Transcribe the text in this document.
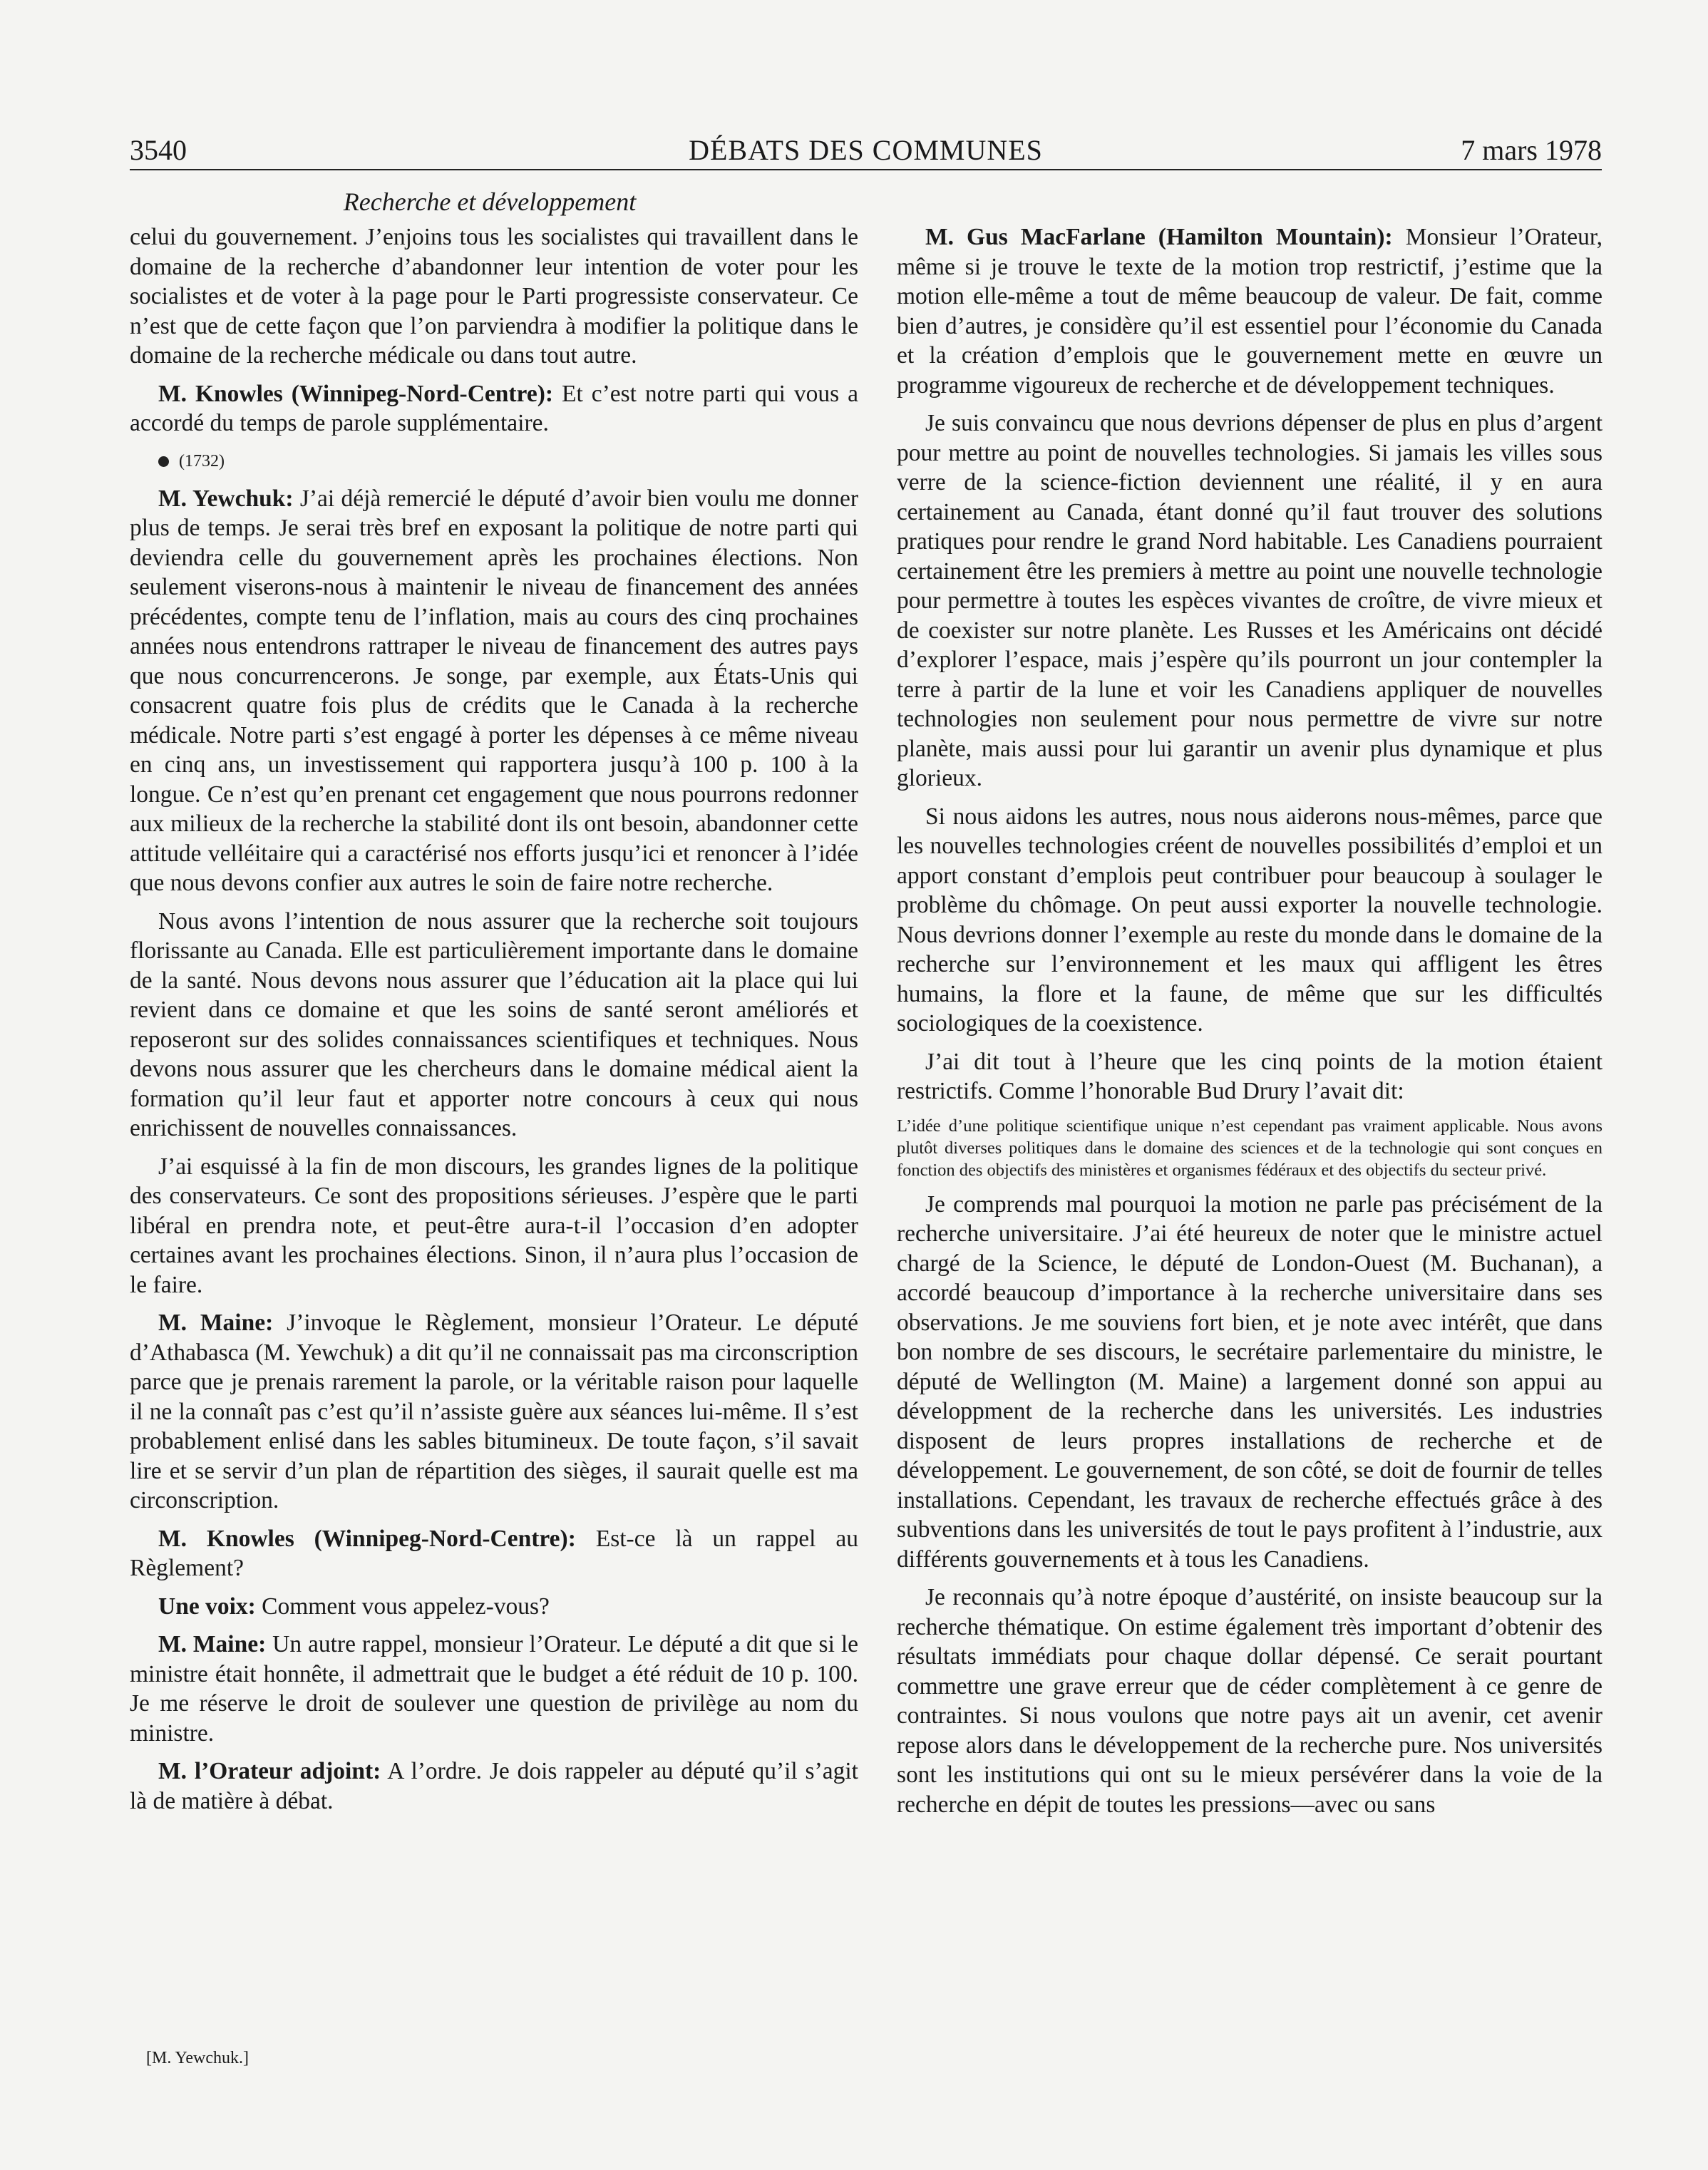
3540	DÉBATS DES COMMUNES	7 mars 1978
Recherche et développement

celui du gouvernement. J’enjoins tous les socialistes qui travaillent dans le domaine de la recherche d’abandonner leur intention de voter pour les socialistes et de voter à la page pour le Parti progressiste conservateur. Ce n’est que de cette façon que l’on parviendra à modifier la politique dans le domaine de la recherche médicale ou dans tout autre.

M. Knowles (Winnipeg-Nord-Centre): Et c’est notre parti qui vous a accordé du temps de parole supplémentaire.

(1732)

M. Yewchuk: J’ai déjà remercié le député d’avoir bien voulu me donner plus de temps. Je serai très bref en exposant la politique de notre parti qui deviendra celle du gouvernement après les prochaines élections. Non seulement viserons-nous à maintenir le niveau de financement des années précédentes, compte tenu de l’inflation, mais au cours des cinq prochaines années nous entendrons rattraper le niveau de financement des autres pays que nous concurrencerons. Je songe, par exemple, aux États-Unis qui consacrent quatre fois plus de crédits que le Canada à la recherche médicale. Notre parti s’est engagé à porter les dépenses à ce même niveau en cinq ans, un investissement qui rapportera jusqu’à 100 p. 100 à la longue. Ce n’est qu’en prenant cet engagement que nous pourrons redonner aux milieux de la recherche la stabilité dont ils ont besoin, abandonner cette attitude velléitaire qui a caractérisé nos efforts jusqu’ici et renoncer à l’idée que nous devons confier aux autres le soin de faire notre recherche.

Nous avons l’intention de nous assurer que la recherche soit toujours florissante au Canada. Elle est particulièrement importante dans le domaine de la santé. Nous devons nous assurer que l’éducation ait la place qui lui revient dans ce domaine et que les soins de santé seront améliorés et reposeront sur des solides connaissances scientifiques et techniques. Nous devons nous assurer que les chercheurs dans le domaine médical aient la formation qu’il leur faut et apporter notre concours à ceux qui nous enrichissent de nouvelles connaissances.

J’ai esquissé à la fin de mon discours, les grandes lignes de la politique des conservateurs. Ce sont des propositions sérieuses. J’espère que le parti libéral en prendra note, et peut-être aura-t-il l’occasion d’en adopter certaines avant les prochaines élections. Sinon, il n’aura plus l’occasion de le faire.

M. Maine: J’invoque le Règlement, monsieur l’Orateur. Le député d’Athabasca (M. Yewchuk) a dit qu’il ne connaissait pas ma circonscription parce que je prenais rarement la parole, or la véritable raison pour laquelle il ne la connaît pas c’est qu’il n’assiste guère aux séances lui-même. Il s’est probablement enlisé dans les sables bitumineux. De toute façon, s’il savait lire et se servir d’un plan de répartition des sièges, il saurait quelle est ma circonscription.

M. Knowles (Winnipeg-Nord-Centre): Est-ce là un rappel au Règlement?

Une voix: Comment vous appelez-vous?

M. Maine: Un autre rappel, monsieur l’Orateur. Le député a dit que si le ministre était honnête, il admettrait que le budget a été réduit de 10 p. 100. Je me réserve le droit de soulever une question de privilège au nom du ministre.

M. l’Orateur adjoint: A l’ordre. Je dois rappeler au député qu’il s’agit là de matière à débat.

[M. Yewchuk.]

M. Gus MacFarlane (Hamilton Mountain): Monsieur l’Orateur, même si je trouve le texte de la motion trop restrictif, j’estime que la motion elle-même a tout de même beaucoup de valeur. De fait, comme bien d’autres, je considère qu’il est essentiel pour l’économie du Canada et la création d’emplois que le gouvernement mette en œuvre un programme vigoureux de recherche et de développement techniques.

Je suis convaincu que nous devrions dépenser de plus en plus d’argent pour mettre au point de nouvelles technologies. Si jamais les villes sous verre de la science-fiction deviennent une réalité, il y en aura certainement au Canada, étant donné qu’il faut trouver des solutions pratiques pour rendre le grand Nord habitable. Les Canadiens pourraient certainement être les premiers à mettre au point une nouvelle technologie pour permettre à toutes les espèces vivantes de croître, de vivre mieux et de coexister sur notre planète. Les Russes et les Américains ont décidé d’explorer l’espace, mais j’espère qu’ils pourront un jour contempler la terre à partir de la lune et voir les Canadiens appliquer de nouvelles technologies non seulement pour nous permettre de vivre sur notre planète, mais aussi pour lui garantir un avenir plus dynamique et plus glorieux.

Si nous aidons les autres, nous nous aiderons nous-mêmes, parce que les nouvelles technologies créent de nouvelles possibilités d’emploi et un apport constant d’emplois peut contribuer pour beaucoup à soulager le problème du chômage. On peut aussi exporter la nouvelle technologie. Nous devrions donner l’exemple au reste du monde dans le domaine de la recherche sur l’environnement et les maux qui affligent les êtres humains, la flore et la faune, de même que sur les difficultés sociologiques de la coexistence.

J’ai dit tout à l’heure que les cinq points de la motion étaient restrictifs. Comme l’honorable Bud Drury l’avait dit:

L’idée d’une politique scientifique unique n’est cependant pas vraiment applicable. Nous avons plutôt diverses politiques dans le domaine des sciences et de la technologie qui sont conçues en fonction des objectifs des ministères et organismes fédéraux et des objectifs du secteur privé.

Je comprends mal pourquoi la motion ne parle pas précisément de la recherche universitaire. J’ai été heureux de noter que le ministre actuel chargé de la Science, le député de London-Ouest (M. Buchanan), a accordé beaucoup d’importance à la recherche universitaire dans ses observations. Je me souviens fort bien, et je note avec intérêt, que dans bon nombre de ses discours, le secrétaire parlementaire du ministre, le député de Wellington (M. Maine) a largement donné son appui au développment de la recherche dans les universités. Les industries disposent de leurs propres installations de recherche et de développement. Le gouvernement, de son côté, se doit de fournir de telles installations. Cependant, les travaux de recherche effectués grâce à des subventions dans les universités de tout le pays profitent à l’industrie, aux différents gouvernements et à tous les Canadiens.

Je reconnais qu’à notre époque d’austérité, on insiste beaucoup sur la recherche thématique. On estime également très important d’obtenir des résultats immédiats pour chaque dollar dépensé. Ce serait pourtant commettre une grave erreur que de céder complètement à ce genre de contraintes. Si nous voulons que notre pays ait un avenir, cet avenir repose alors dans le développement de la recherche pure. Nos universités sont les institutions qui ont su le mieux persévérer dans la voie de la recherche en dépit de toutes les pressions—avec ou sans
